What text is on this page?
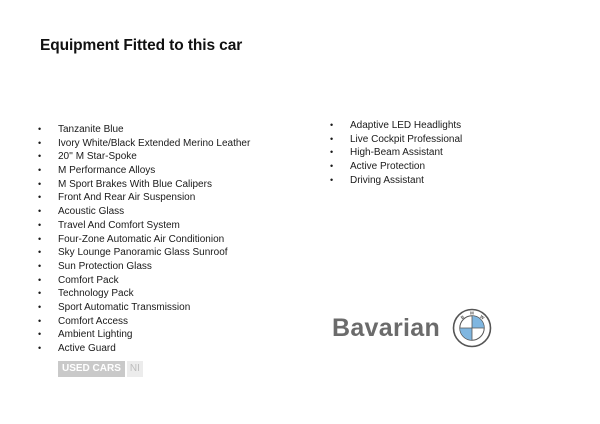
Equipment Fitted to this car
• Tanzanite Blue
• Ivory White/Black Extended Merino Leather
• 20'' M Star-Spoke
• M Performance Alloys
• M Sport Brakes With Blue Calipers
• Front And Rear Air Suspension
• Acoustic Glass
• Travel And Comfort System
• Four-Zone Automatic Air Conditionion
• Sky Lounge Panoramic Glass Sunroof
• Sun Protection Glass
• Comfort Pack
• Technology Pack
• Sport Automatic Transmission
• Comfort Access
• Ambient Lighting
• Active Guard
• Adaptive LED Headlights
• Live Cockpit Professional
• High-Beam Assistant
• Active Protection
• Driving Assistant
USED CARS NI
Bavarian	B
M
W
